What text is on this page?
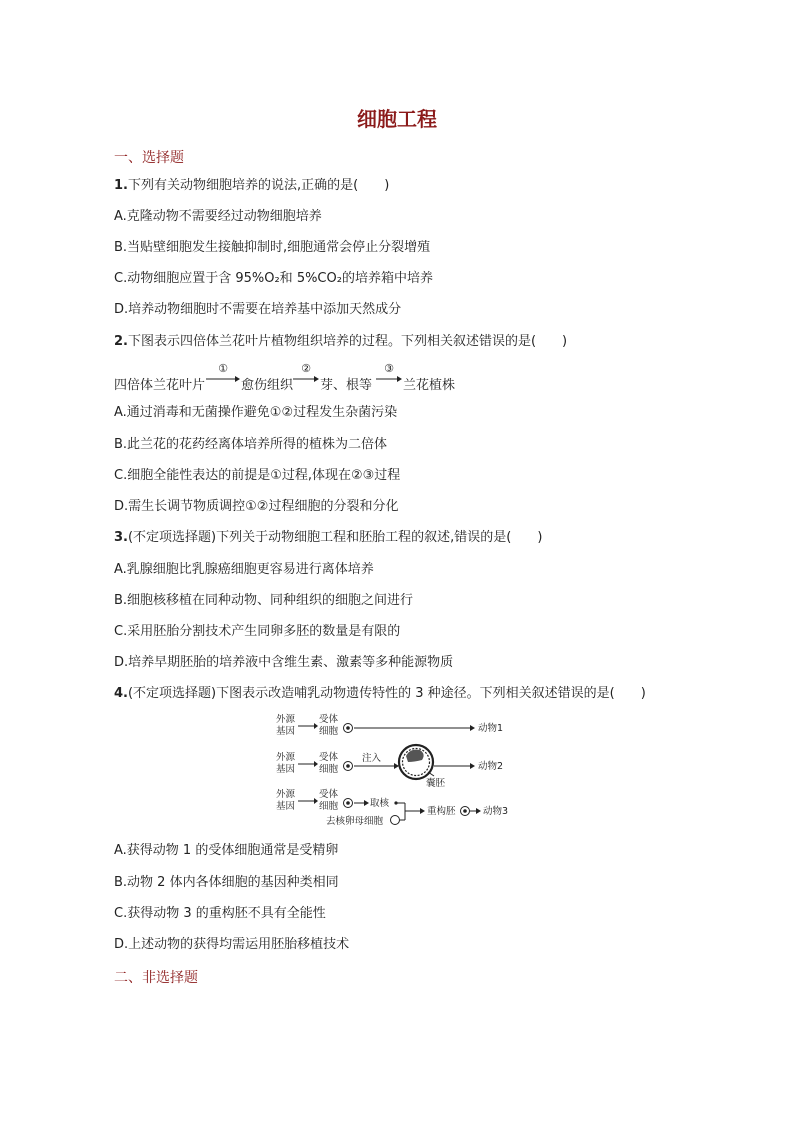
细胞工程
一、选择题
1.下列有关动物细胞培养的说法,正确的是(　　)
A.克隆动物不需要经过动物细胞培养
B.当贴壁细胞发生接触抑制时,细胞通常会停止分裂增殖
C.动物细胞应置于含 95%O₂和 5%CO₂的培养箱中培养
D.培养动物细胞时不需要在培养基中添加天然成分
2.下图表示四倍体兰花叶片植物组织培养的过程。下列相关叙述错误的是(　　)
四倍体兰花叶片
①
愈伤组织
②
芽、根等
③
兰花植株
A.通过消毒和无菌操作避免①②过程发生杂菌污染
B.此兰花的花药经离体培养所得的植株为二倍体
C.细胞全能性表达的前提是①过程,体现在②③过程
D.需生长调节物质调控①②过程细胞的分裂和分化
3.(不定项选择题)下列关于动物细胞工程和胚胎工程的叙述,错误的是(　　)
A.乳腺细胞比乳腺癌细胞更容易进行离体培养
B.细胞核移植在同种动物、同种组织的细胞之间进行
C.采用胚胎分割技术产生同卵多胚的数量是有限的
D.培养早期胚胎的培养液中含维生素、激素等多种能源物质
4.(不定项选择题)下图表示改造哺乳动物遗传特性的 3 种途径。下列相关叙述错误的是(　　)
外源
基因
受体
细胞	动物1
外源
基因
受体
细胞
注入
囊胚
动物2
外源
基因
受体
细胞	取核
去核卵母细胞
重构胚	动物3
A.获得动物 1 的受体细胞通常是受精卵
B.动物 2 体内各体细胞的基因种类相同
C.获得动物 3 的重构胚不具有全能性
D.上述动物的获得均需运用胚胎移植技术
二、非选择题
